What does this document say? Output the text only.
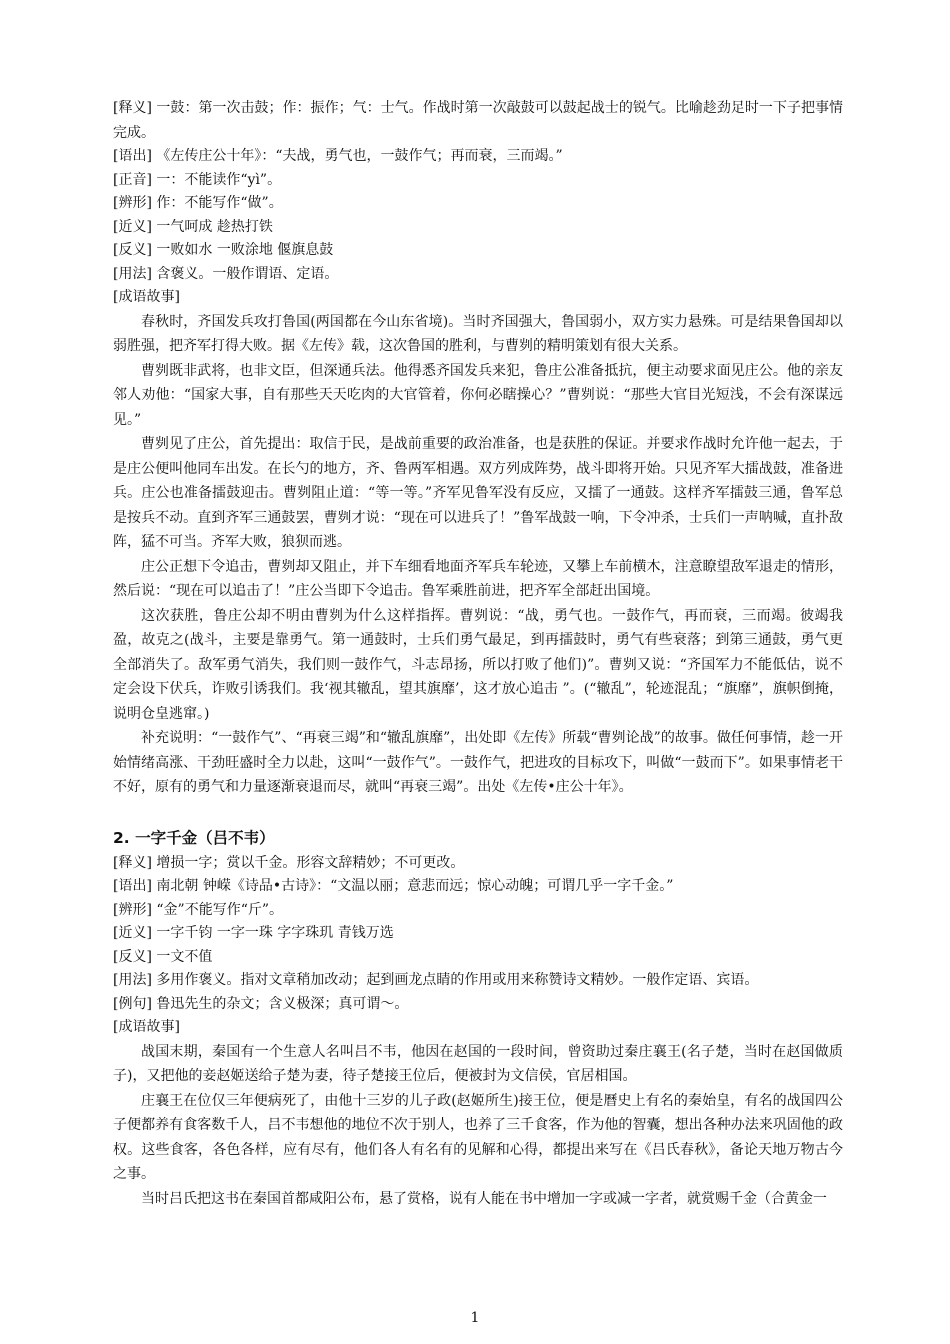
[释义] 一鼓：第一次击鼓；作：振作；气：士气。作战时第一次敲鼓可以鼓起战士的锐气。比喻趁劲足时一下子把事情完成。

[语出] 《左传庄公十年》：“夫战，勇气也，一鼓作气；再而衰，三而竭。”

[正音] 一：不能读作“yì”。

[辨形] 作：不能写作“做”。

[近义] 一气呵成 趁热打铁

[反义] 一败如水 一败涂地 偃旗息鼓

[用法] 含褒义。一般作谓语、定语。

[成语故事]

春秋时，齐国发兵攻打鲁国(两国都在今山东省境)。当时齐国强大，鲁国弱小，双方实力悬殊。可是结果鲁国却以弱胜强，把齐军打得大败。据《左传》载，这次鲁国的胜利，与曹刿的精明策划有很大关系。

曹刿既非武将，也非文臣，但深通兵法。他得悉齐国发兵来犯，鲁庄公准备抵抗，便主动要求面见庄公。他的亲友邻人劝他：“国家大事，自有那些天天吃肉的大官管着，你何必瞎操心？”曹刿说：“那些大官目光短浅，不会有深谋远见。”

曹刿见了庄公，首先提出：取信于民，是战前重要的政治准备，也是获胜的保证。并要求作战时允许他一起去，于是庄公便叫他同车出发。在长勺的地方，齐、鲁两军相遇。双方列成阵势，战斗即将开始。只见齐军大擂战鼓，准备进兵。庄公也准备擂鼓迎击。曹刿阻止道：“等一等。”齐军见鲁军没有反应，又擂了一通鼓。这样齐军擂鼓三通，鲁军总是按兵不动。直到齐军三通鼓罢，曹刿才说：“现在可以进兵了！”鲁军战鼓一响，下令冲杀，士兵们一声呐喊，直扑敌阵，猛不可当。齐军大败，狼狈而逃。

庄公正想下令追击，曹刿却又阻止，并下车细看地面齐军兵车轮迹，又攀上车前横木，注意瞭望敌军退走的情形，然后说：“现在可以追击了！”庄公当即下令追击。鲁军乘胜前进，把齐军全部赶出国境。

这次获胜，鲁庄公却不明由曹刿为什么这样指挥。曹刿说：“战，勇气也。一鼓作气，再而衰，三而竭。彼竭我盈，故克之(战斗，主要是靠勇气。第一通鼓时，士兵们勇气最足，到再擂鼓时，勇气有些衰落；到第三通鼓，勇气更全部消失了。敌军勇气消失，我们则一鼓作气，斗志昂扬，所以打败了他们)”。曹刿又说：“齐国军力不能低估，说不定会设下伏兵，诈败引诱我们。我‘视其辙乱，望其旗靡’，这才放心追击 ”。(“辙乱”，轮迹混乱；“旗靡”，旗帜倒掩，说明仓皇逃窜。)

补充说明：“一鼓作气”、“再衰三竭”和“辙乱旗靡”，出处即《左传》所载“曹刿论战”的故事。做任何事情，趁一开始情绪高涨、干劲旺盛时全力以赴，这叫“一鼓作气”。一鼓作气，把进攻的目标攻下，叫做“一鼓而下”。如果事情老干不好，原有的勇气和力量逐渐衰退而尽，就叫“再衰三竭”。出处《左传•庄公十年》。

2. 一字千金（吕不韦）

[释义] 增损一字；赏以千金。形容文辞精妙；不可更改。

[语出] 南北朝 钟嵘《诗品•古诗》：“文温以丽；意悲而远；惊心动魄；可谓几乎一字千金。”

[辨形] “金”不能写作“斤”。

[近义] 一字千钧 一字一珠 字字珠玑 青钱万选

[反义] 一文不值

[用法] 多用作褒义。指对文章稍加改动；起到画龙点睛的作用或用来称赞诗文精妙。一般作定语、宾语。

[例句] 鲁迅先生的杂文；含义极深；真可谓～。

[成语故事]

战国末期，秦国有一个生意人名叫吕不韦，他因在赵国的一段时间，曾资助过秦庄襄王(名子楚，当时在赵国做质子)，又把他的妾赵姬送给子楚为妻，待子楚接王位后，便被封为文信侯，官居相国。

庄襄王在位仅三年便病死了，由他十三岁的儿子政(赵姬所生)接王位，便是曆史上有名的秦始皇，有名的战国四公子便都养有食客数千人，吕不韦想他的地位不次于别人，也养了三千食客，作为他的智囊，想出各种办法来巩固他的政权。这些食客，各色各样，应有尽有，他们各人有名有的见解和心得，都提出来写在《吕氏春秋》，备论天地万物古今之事。

当时吕氏把这书在秦国首都咸阳公布，悬了赏格，说有人能在书中增加一字或减一字者，就赏赐千金（合黄金一

1
